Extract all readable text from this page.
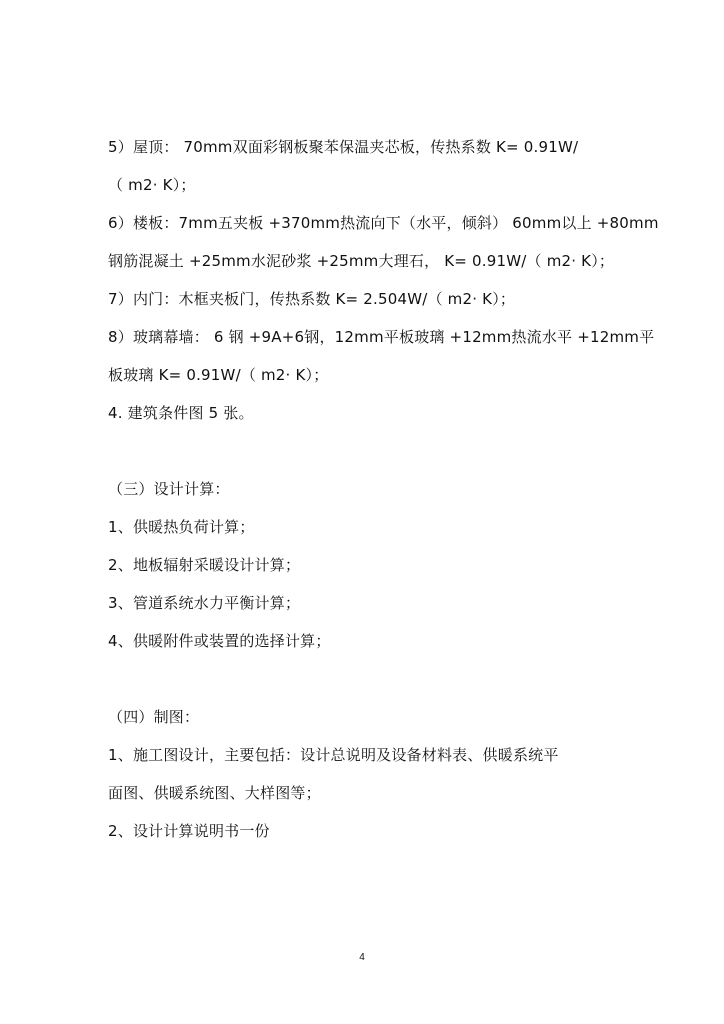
5）屋顶： 70mm双面彩钢板聚苯保温夹芯板，传热系数 K= 0.91W/
（ m2· K）；
6）楼板：7mm五夹板 +370mm热流向下（水平，倾斜） 60mm以上 +80mm
钢筋混凝土 +25mm水泥砂浆 +25mm大理石， K= 0.91W/（ m2· K）；
7）内门：木框夹板门，传热系数 K= 2.504W/（ m2· K）；
8）玻璃幕墙： 6 钢 +9A+6钢，12mm平板玻璃 +12mm热流水平 +12mm平
板玻璃 K= 0.91W/（ m2· K）；
4. 建筑条件图 5 张。
（三）设计计算：
1、供暖热负荷计算；
2、地板辐射采暖设计计算；
3、管道系统水力平衡计算；
4、供暖附件或装置的选择计算；
（四）制图：
1、施工图设计，主要包括：设计总说明及设备材料表、供暖系统平
面图、供暖系统图、大样图等；
2、设计计算说明书一份
4
